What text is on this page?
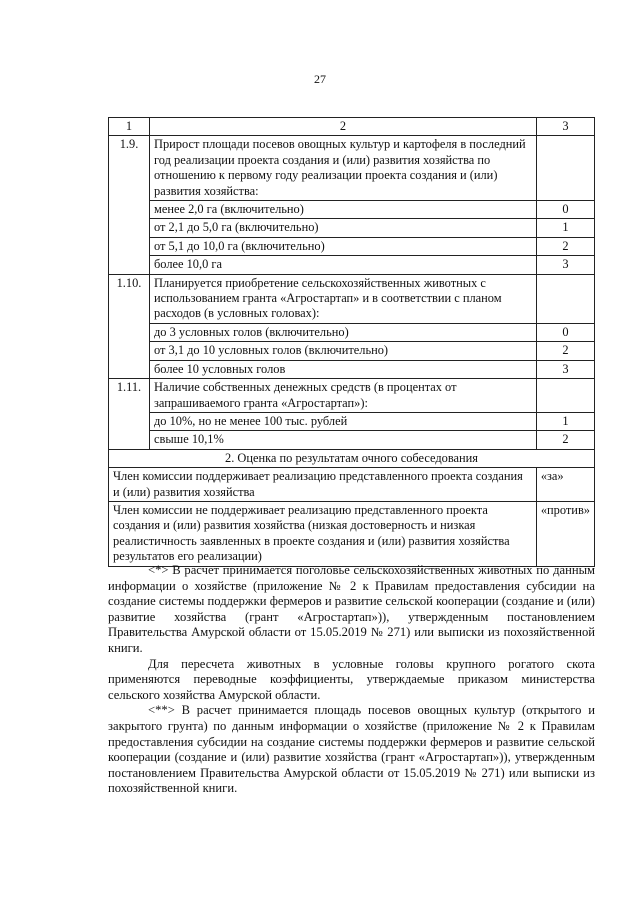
27
1	2	3
1.9.	Прирост площади посевов овощных культур и картофеля в последний год реализации проекта создания и (или) развития хозяйства по отношению к первому году реализации проекта создания и (или) развития хозяйства:	
	менее 2,0 га (включительно)	0
	от 2,1 до 5,0 га (включительно)	1
	от 5,1 до 10,0 га (включительно)	2
	более 10,0 га	3
1.10.	Планируется приобретение сельскохозяйственных животных с использованием гранта «Агростартап» и в соответствии с планом расходов (в условных головах):	
	до 3 условных голов (включительно)	0
	от 3,1 до 10 условных голов (включительно)	2
	более 10 условных голов	3
1.11.	Наличие собственных денежных средств (в процентах от запрашиваемого гранта «Агростартап»):	
	до 10%, но не менее 100 тыс. рублей	1
	свыше 10,1%	2
2. Оценка по результатам очного собеседования		
Член комиссии поддерживает реализацию представленного проекта создания и (или) развития хозяйства		«за»
Член комиссии не поддерживает реализацию представленного проекта создания и (или) развития хозяйства (низкая достоверность и низкая реалистичность заявленных в проекте создания и (или) развития хозяйства результатов его реализации)		«против»

<*> В расчет принимается поголовье сельскохозяйственных животных по данным информации о хозяйстве (приложение № 2 к Правилам предоставления субсидии на создание системы поддержки фермеров и развитие сельской кооперации (создание и (или) развитие хозяйства (грант «Агростартап»)), утвержденным постановлением Правительства Амурской области от 15.05.2019 № 271) или выписки из похозяйственной книги.

Для пересчета животных в условные головы крупного рогатого скота применяются переводные коэффициенты, утверждаемые приказом министерства сельского хозяйства Амурской области.

<**> В расчет принимается площадь посевов овощных культур (открытого и закрытого грунта) по данным информации о хозяйстве (приложение № 2 к Правилам предоставления субсидии на создание системы поддержки фермеров и развитие сельской кооперации (создание и (или) развитие хозяйства (грант «Агростартап»)), утвержденным постановлением Правительства Амурской области от 15.05.2019 № 271) или выписки из похозяйственной книги.
